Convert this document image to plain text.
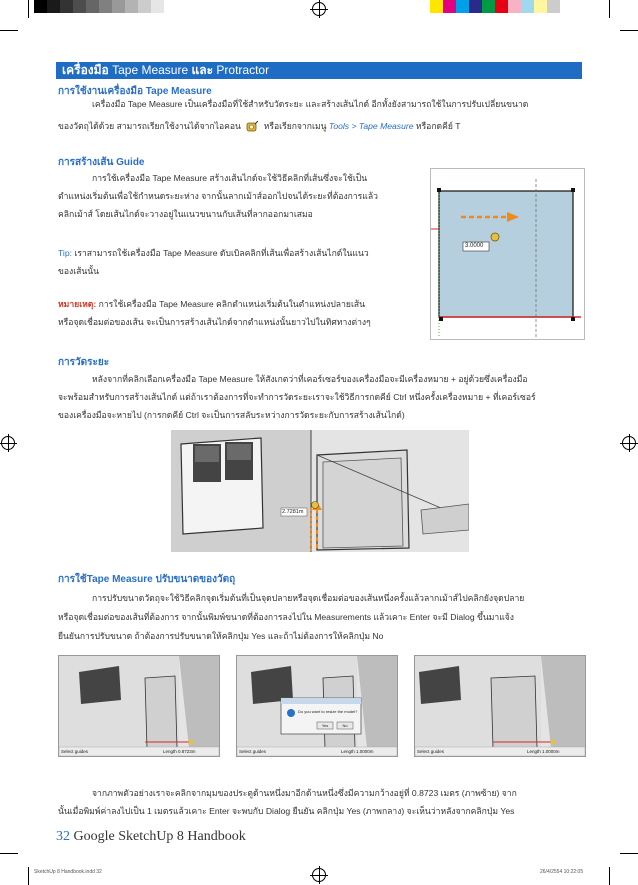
เครื่องมือ Tape Measure และ Protractor
การใช้งานเครื่องมือ Tape Measure
เครื่องมือ Tape Measure เป็นเครื่องมือที่ใช้สำหรับวัดระยะ และสร้างเส้นไกด์ อีกทั้งยังสามารถใช้ในการปรับเปลี่ยนขนาด
ของวัตถุได้ด้วย สามารถเรียกใช้งานได้จากไอคอน	หรือเรียกจากเมนู Tools > Tape Measure หรือกดคีย์ T
การสร้างเส้น Guide
การใช้เครื่องมือ Tape Measure สร้างเส้นไกด์จะใช้วิธีคลิกที่เส้นซึ่งจะใช้เป็น
ตำแหน่งเริ่มต้นเพื่อใช้กำหนดระยะห่าง จากนั้นลากเม้าส์ออกไปจนได้ระยะที่ต้องการแล้ว
คลิกเม้าส์ โดยเส้นไกด์จะวางอยู่ในแนวขนานกับเส้นที่ลากออกมาเสมอ
Tip: เราสามารถใช้เครื่องมือ Tape Measure ดับเบิลคลิกที่เส้นเพื่อสร้างเส้นไกด์ในแนว
ของเส้นนั้น
หมายเหตุ: การใช้เครื่องมือ Tape Measure คลิกตำแหน่งเริ่มต้นในตำแหน่งปลายเส้น
หรือจุดเชื่อมต่อของเส้น จะเป็นการสร้างเส้นไกด์จากตำแหน่งนั้นยาวไปในทิศทางต่างๆ
3.0000
การวัดระยะ
หลังจากที่คลิกเลือกเครื่องมือ Tape Measure ให้สังเกตว่าที่เคอร์เซอร์ของเครื่องมือจะมีเครื่องหมาย + อยู่ด้วยซึ่งเครื่องมือ
จะพร้อมสำหรับการสร้างเส้นไกด์ แต่ถ้าเราต้องการที่จะทำการวัดระยะเราจะใช้วิธีการกดคีย์ Ctrl หนึ่งครั้งเครื่องหมาย + ที่เคอร์เซอร์
ของเครื่องมือจะหายไป (การกดคีย์ Ctrl จะเป็นการสลับระหว่างการวัดระยะกับการสร้างเส้นไกด์)
2.7281m
การใช้Tape Measure ปรับขนาดของวัตถุ
การปรับขนาดวัตถุจะใช้วิธีคลิกจุดเริ่มต้นที่เป็นจุดปลายหรือจุดเชื่อมต่อของเส้นหนึ่งครั้งแล้วลากเม้าส์ไปคลิกยังจุดปลาย
หรือจุดเชื่อมต่อของเส้นที่ต้องการ จากนั้นพิมพ์ขนาดที่ต้องการลงไปใน Measurements แล้วเคาะ Enter จะมี Dialog ขึ้นมาแจ้ง
ยืนยันการปรับขนาด ถ้าต้องการปรับขนาดให้คลิกปุ่ม Yes และถ้าไม่ต้องการให้คลิกปุ่ม No
Select guides	Length 0.8723m
Do you want to resize the model?
Yes	No
Select guides	Length 1.0000m	Select guides	Length 1.0000m
จากภาพตัวอย่างเราจะคลิกจากมุมของประตูด้านหนึ่งมาอีกด้านหนึ่งซึ่งมีความกว้างอยู่ที่ 0.8723 เมตร (ภาพซ้าย) จาก
นั้นเมื่อพิมพ์ค่าลงไปเป็น 1 เมตรแล้วเคาะ Enter จะพบกับ Dialog ยืนยัน คลิกปุ่ม Yes (ภาพกลาง) จะเห็นว่าหลังจากคลิกปุ่ม Yes
32 Google SketchUp 8 Handbook
SketchUp 8 Handbook.indd 32	26/4/2554 10:22:05
